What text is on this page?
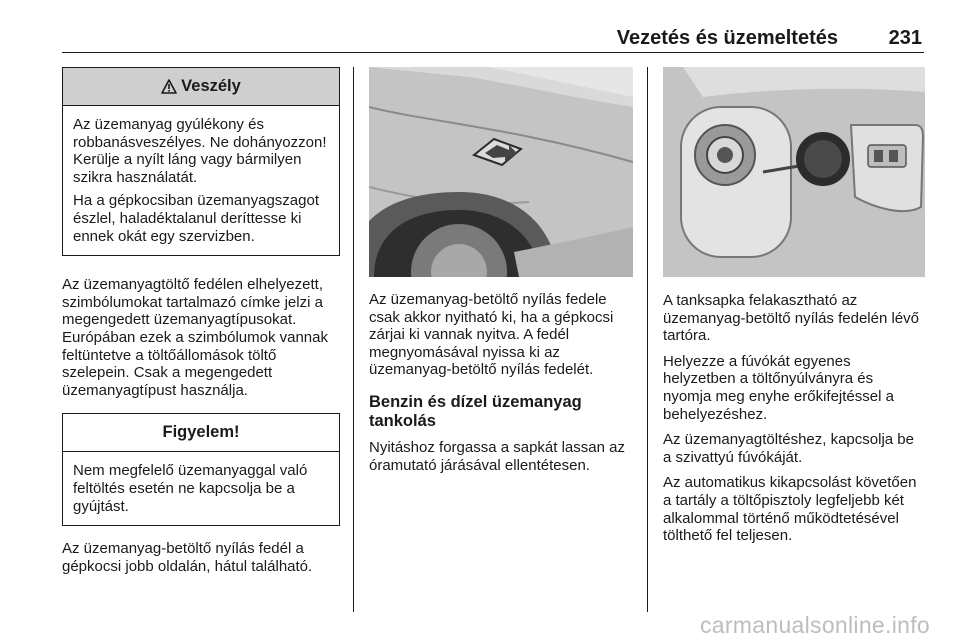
Vezetés és üzemeltetés	231
Veszély

Az üzemanyag gyúlékony és robbanásveszélyes. Ne dohányozzon! Kerülje a nyílt láng vagy bármilyen szikra használatát.

Ha a gépkocsiban üzemanyagszagot észlel, haladéktalanul deríttesse ki ennek okát egy szervizben.

Az üzemanyagtöltő fedélen elhelyezett, szimbólumokat tartalmazó címke jelzi a megengedett üzemanyagtípusokat. Európában ezek a szimbólumok vannak feltüntetve a töltőállomások töltő szelepein. Csak a megengedett üzemanyagtípust használja.

Figyelem!

Nem megfelelő üzemanyaggal való feltöltés esetén ne kapcsolja be a gyújtást.

Az üzemanyag-betöltő nyílás fedél a gépkocsi jobb oldalán, hátul található.

Az üzemanyag-betöltő nyílás fedele csak akkor nyitható ki, ha a gépkocsi zárjai ki vannak nyitva. A fedél megnyomásával nyissa ki az üzemanyag-betöltő nyílás fedelét.

Benzin és dízel üzemanyag tankolás

Nyitáshoz forgassa a sapkát lassan az óramutató járásával ellentétesen.

A tanksapka felakasztható az üzemanyag-betöltő nyílás fedelén lévő tartóra.

Helyezze a fúvókát egyenes helyzetben a töltőnyúlványra és nyomja meg enyhe erőkifejtéssel a behelyezéshez.

Az üzemanyagtöltéshez, kapcsolja be a szivattyú fúvókáját.

Az automatikus kikapcsolást követően a tartály a töltőpisztoly legfeljebb két alkalommal történő működtetésével tölthető fel teljesen.

carmanualsonline.info
